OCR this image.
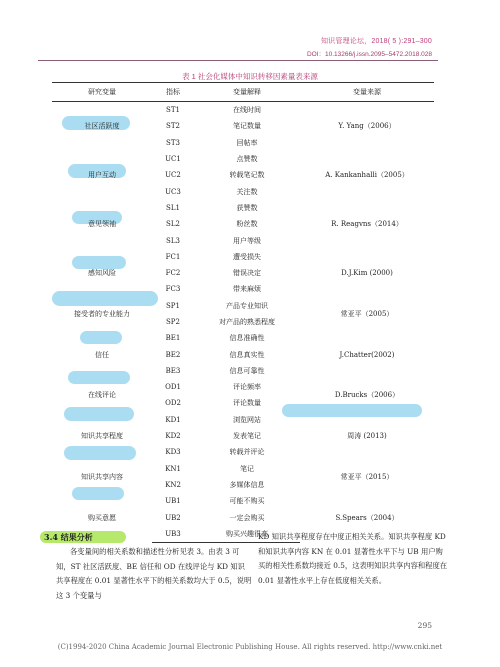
知识管理论坛，2018( 5 ):291–300
DOI：10.13266/j.issn.2095–5472.2018.028
表 1 社会化媒体中知识转移因素量表来源
研究变量	指标	变量解释	变量来源
社区活跃度	ST1	在线时间	Y. Yang（2006）
	ST2	笔记数量	
	ST3	回帖率	
用户互动	UC1	点赞数	A. Kankanhalli（2005）
	UC2	转载笔记数	
	UC3	关注数	
意见领袖	SL1	获赞数	R. Reagvns（2014）
	SL2	粉丝数	
	SL3	用户等级	
感知风险	FC1	遭受损失	D.J.Kim (2000)
	FC2	错误决定	
	FC3	带来麻烦	
接受者的专业能力	SP1	产品专业知识	常亚平（2005）
	SP2	对产品的熟悉程度	
信任	BE1	信息准确性	J.Chatter(2002)
	BE2	信息真实性	
	BE3	信息可靠性	
在线评论	OD1	评论频率	D.Brucks（2006）
	OD2	评论数量	
知识共享程度	KD1	浏览网站	周涛 (2013)
	KD2	发表笔记	
	KD3	转载并评论	
知识共享内容	KN1	笔记	常亚平（2015）
	KN2	多媒体信息	
购买意愿	UB1	可能不购买	S.Spears（2004）
	UB2	一定会购买	
	UB3	购买兴趣很高	
3.4 结果分析
各变量间的相关系数和描述性分析见表 3。由表 3 可知，ST 社区活跃度、BE 信任和 OD 在线评论与 KD 知识共享程度在 0.01 显著性水平下的相关系数均大于 0.5，说明这 3 个变量与
KD 知识共享程度存在中度正相关关系。知识共享程度 KD 和知识共享内容 KN 在 0.01 显著性水平下与 UB 用户购买的相关性系数均接近 0.5，这表明知识共享内容和程度在 0.01 显著性水平上存在低度相关关系。
295
(C)1994-2020 China Academic Journal Electronic Publishing House. All rights reserved. http://www.cnki.net
